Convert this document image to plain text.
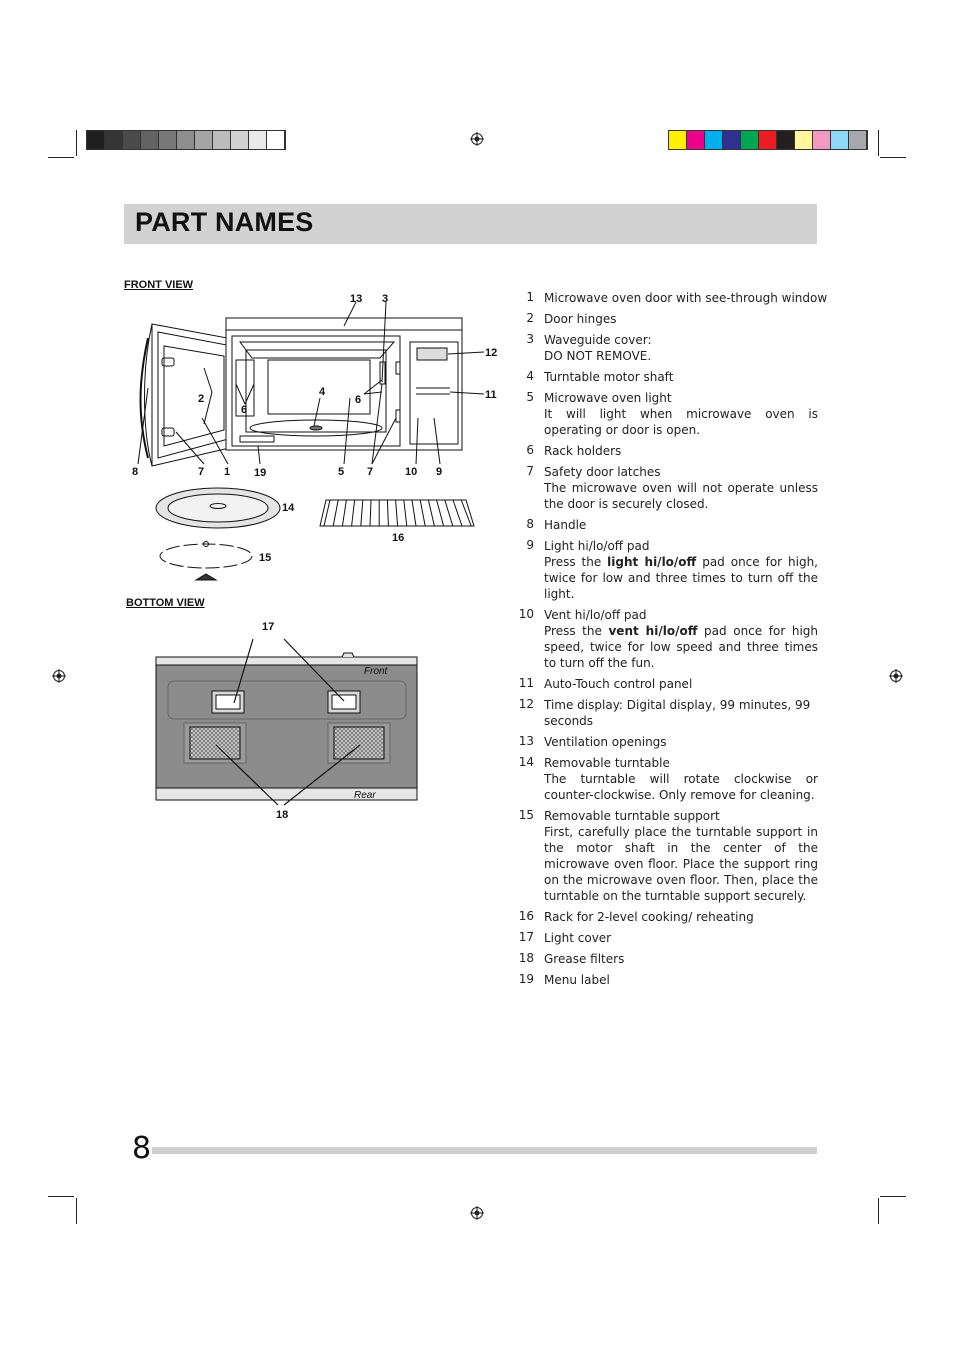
PART NAMES
FRONT VIEW
BOTTOM VIEW
13 3
12
11
2
6
4
6
8	7 1 19	5 7	10 9
14
15
16
17
18
Front
Rear
1 Microwave oven door with see-through window
2 Door hinges
3 Waveguide cover:
DO NOT REMOVE.
4 Turntable motor shaft
5 Microwave oven light
It will light when microwave oven is operating or door is open.
6 Rack holders
7 Safety door latches
The microwave oven will not operate unless the door is securely closed.
8 Handle
9 Light hi/lo/off pad
Press the light hi/lo/off pad once for high, twice for low and three times to turn off the light.
10 Vent hi/lo/off pad
Press the vent hi/lo/off pad once for high speed, twice for low speed and three times to turn off the fun.
11 Auto-Touch control panel
12 Time display: Digital display, 99 minutes, 99 seconds
13 Ventilation openings
14 Removable turntable
The turntable will rotate clockwise or counter-clockwise. Only remove for cleaning.
15 Removable turntable support
First, carefully place the turntable support in the motor shaft in the center of the microwave oven floor. Place the support ring on the microwave oven floor. Then, place the turntable on the turntable support securely.
16 Rack for 2-level cooking/ reheating
17 Light cover
18 Grease filters
19 Menu label
8
